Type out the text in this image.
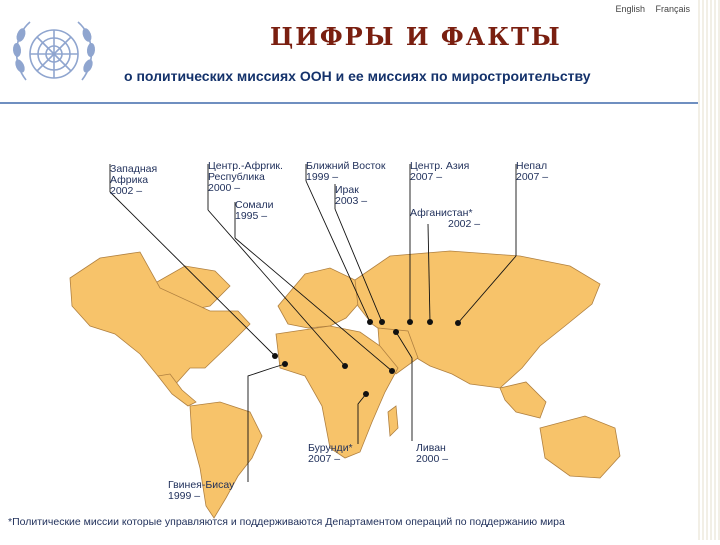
English Français
ЦИФРЫ И ФАКТЫ
о политических миссиях ООН и ее миссиях по миростроительству
Западная Африка 2002 –
Центр.-Афрrик. Республика 2000 –
Сомали 1995 –
Ближний Восток 1999 –
Ирак 2003 –
Центр. Азия 2007 –
Афганистан* 2002 –
Непал 2007 –
Бурунди* 2007 –
Ливан 2000 –
Гвинея-Бисау 1999 –
*Политические миссии которые управляются и поддерживаются Департаментом операций по поддержанию мира
